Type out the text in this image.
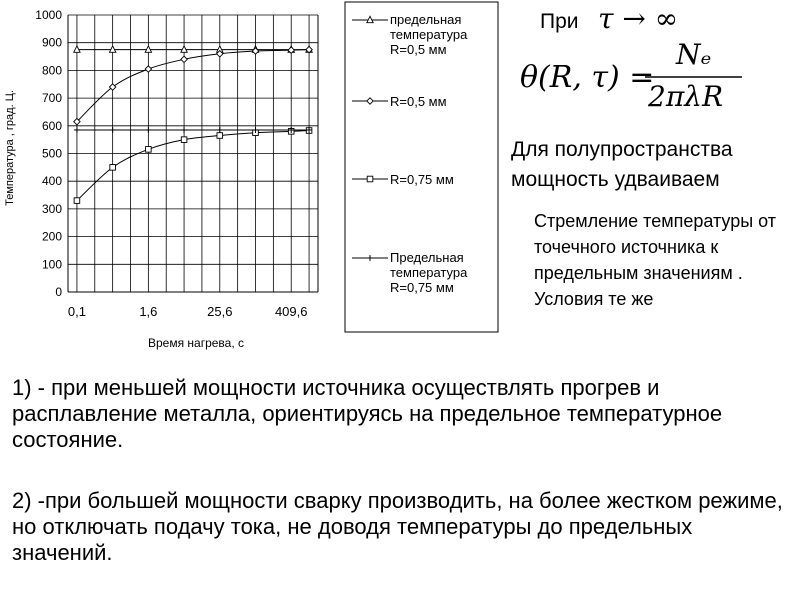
0
100
200
300
400
500
600
700
800
900
1000
0,1	1,6	25,6	409,6
Температура , град. Ц.
Время нагрева, с
предельная температура R=0,5 мм
R=0,5 мм
R=0,75 мм
Предельная температура R=0,75 мм
При τ → ∞
θ(R, τ) =
Nₑ
2πλR
Для полупространства
мощность удваиваем
Стремление температуры от точечного источника к предельным значениям . Условия те же
1) - при меньшей мощности источника осуществлять прогрев и расплавление металла, ориентируясь на предельное температурное состояние.
2) -при большей мощности сварку производить, на более жестком режиме, но отключать подачу тока, не доводя температуры до предельных значений.
